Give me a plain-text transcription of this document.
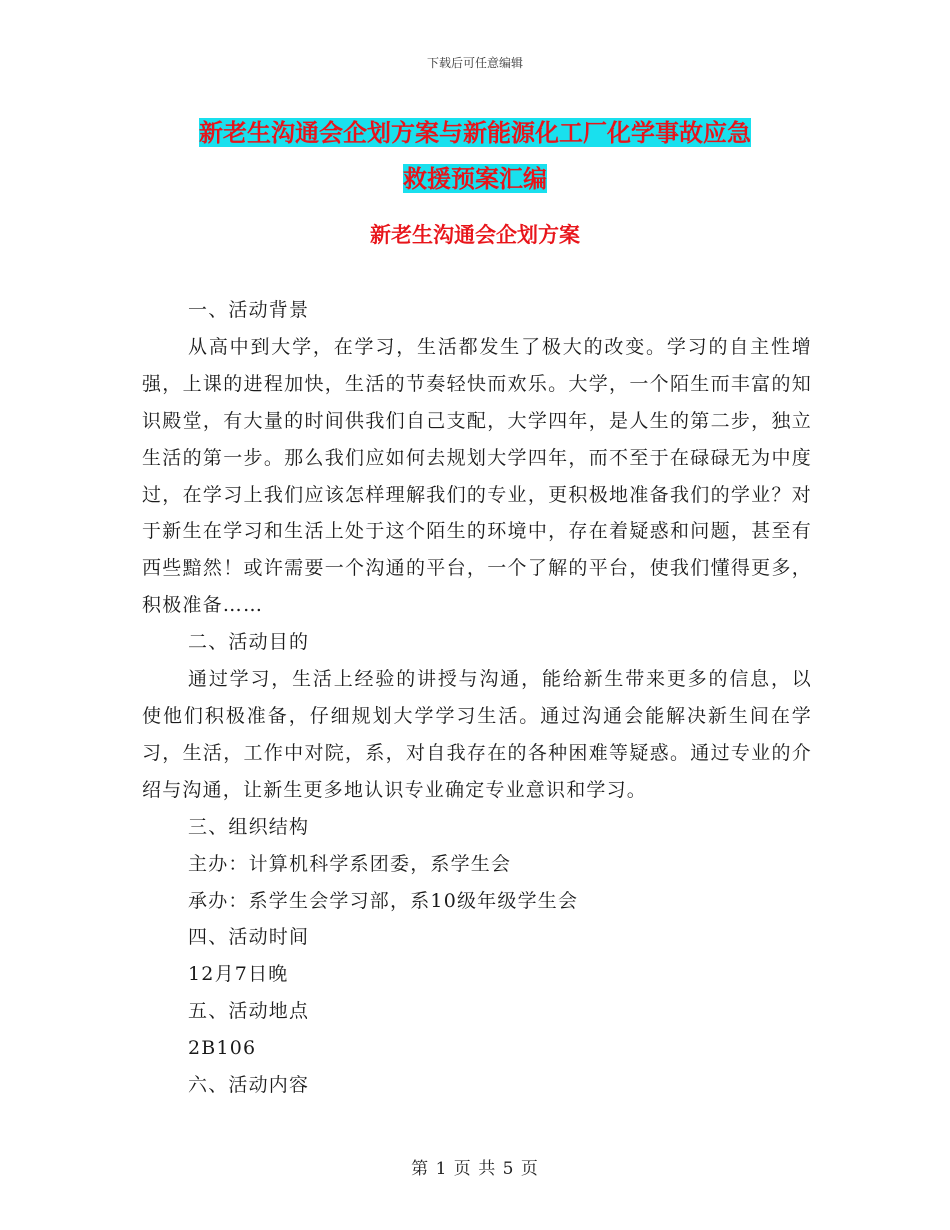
下载后可任意编辑
新老生沟通会企划方案与新能源化工厂化学事故应急
救援预案汇编
新老生沟通会企划方案

一、活动背景

从高中到大学，在学习，生活都发生了极大的改变。学习的自主性增强，上课的进程加快，生活的节奏轻快而欢乐。大学，一个陌生而丰富的知识殿堂，有大量的时间供我们自己支配，大学四年，是人生的第二步，独立生活的第一步。那么我们应如何去规划大学四年，而不至于在碌碌无为中度过，在学习上我们应该怎样理解我们的专业，更积极地准备我们的学业？对于新生在学习和生活上处于这个陌生的环境中，存在着疑惑和问题，甚至有西些黯然！或许需要一个沟通的平台，一个了解的平台，使我们懂得更多，积极准备……

二、活动目的

通过学习，生活上经验的讲授与沟通，能给新生带来更多的信息，以使他们积极准备，仔细规划大学学习生活。通过沟通会能解决新生间在学习，生活，工作中对院，系，对自我存在的各种困难等疑惑。通过专业的介绍与沟通，让新生更多地认识专业确定专业意识和学习。

三、组织结构

主办：计算机科学系团委，系学生会

承办：系学生会学习部，系10级年级学生会

四、活动时间

12月7日晚

五、活动地点

2B106

六、活动内容

第 1 页 共 5 页
